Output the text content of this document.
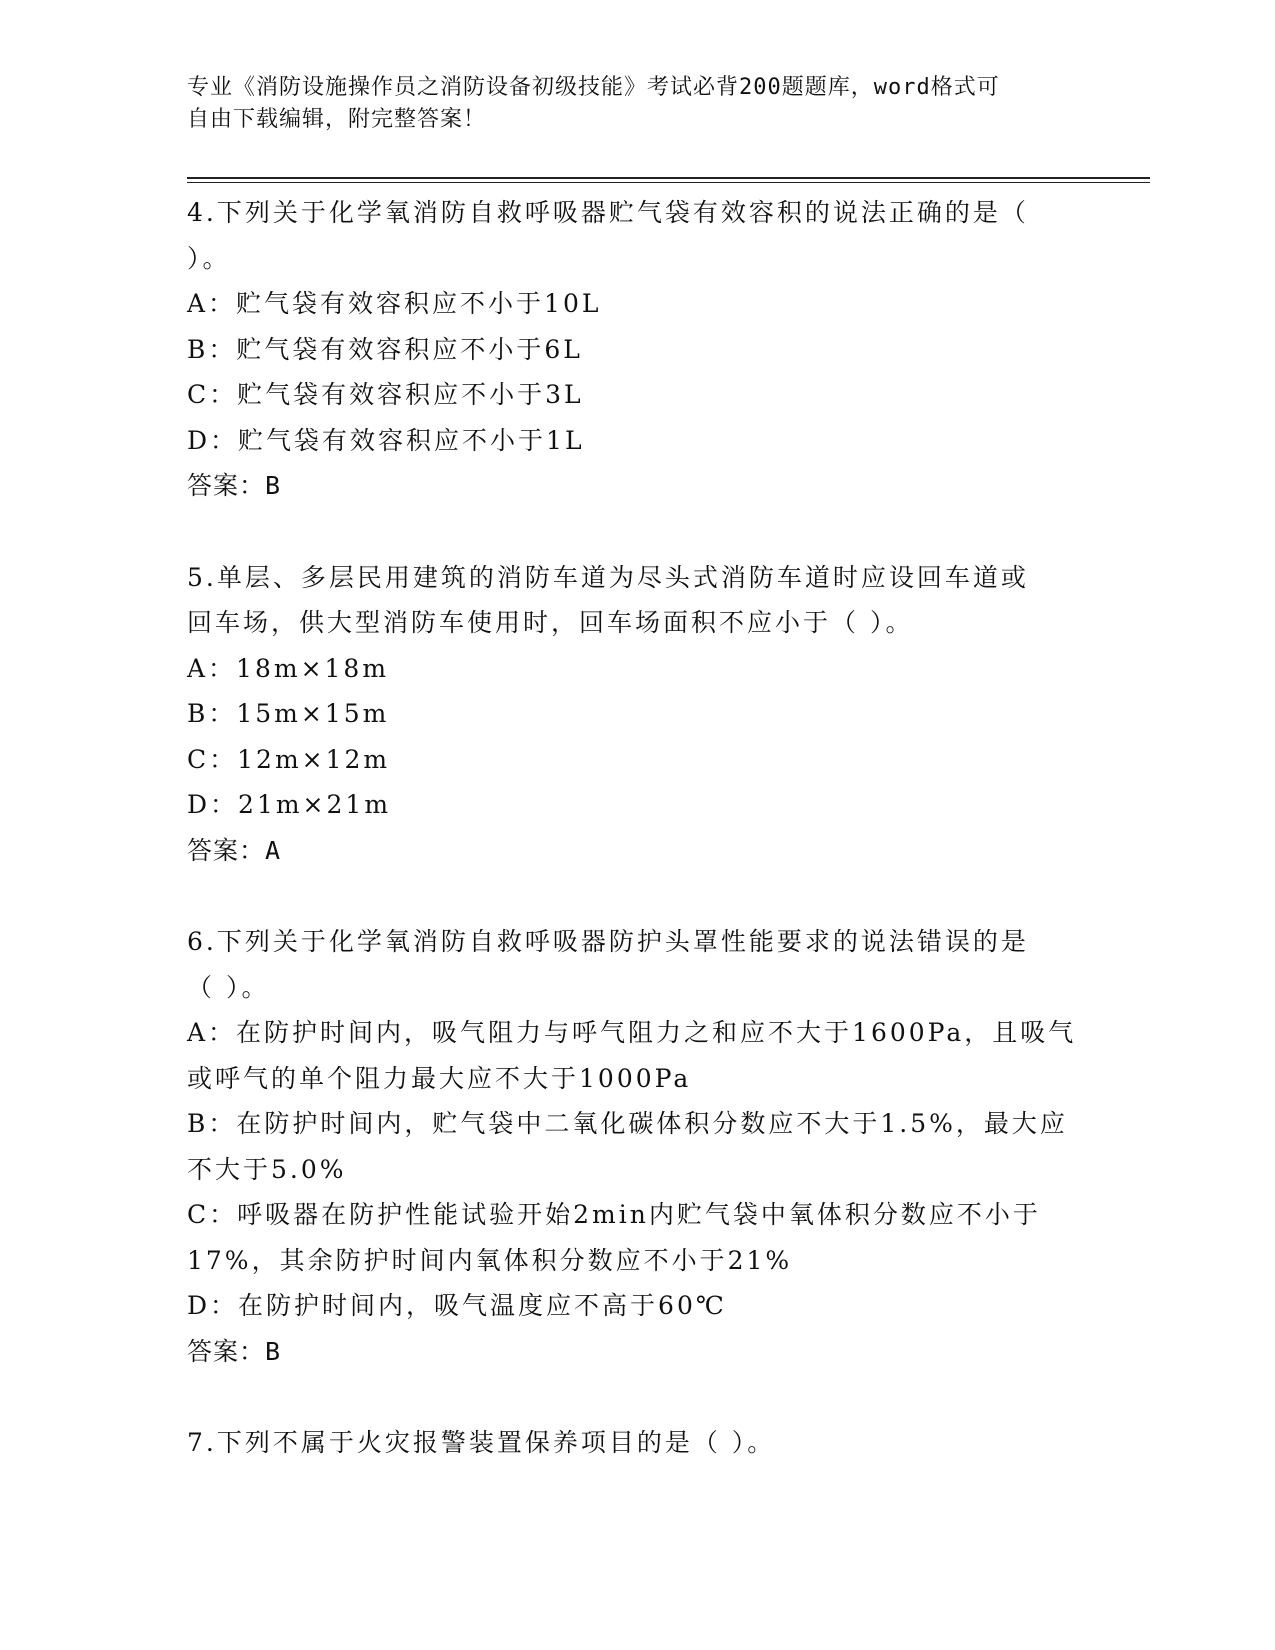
专业《消防设施操作员之消防设备初级技能》考试必背200题题库，word格式可
自由下载编辑，附完整答案！
4.下列关于化学氧消防自救呼吸器贮气袋有效容积的说法正确的是（
）。
A：贮气袋有效容积应不小于10L
B：贮气袋有效容积应不小于6L
C：贮气袋有效容积应不小于3L
D：贮气袋有效容积应不小于1L
答案：B
5.单层、多层民用建筑的消防车道为尽头式消防车道时应设回车道或
回车场，供大型消防车使用时，回车场面积不应小于（ ）。
A：18m×18m
B：15m×15m
C：12m×12m
D：21m×21m
答案：A
6.下列关于化学氧消防自救呼吸器防护头罩性能要求的说法错误的是
（ ）。
A：在防护时间内，吸气阻力与呼气阻力之和应不大于1600Pa，且吸气
或呼气的单个阻力最大应不大于1000Pa
B：在防护时间内，贮气袋中二氧化碳体积分数应不大于1.5%，最大应
不大于5.0%
C：呼吸器在防护性能试验开始2min内贮气袋中氧体积分数应不小于
17%，其余防护时间内氧体积分数应不小于21%
D：在防护时间内，吸气温度应不高于60℃
答案：B
7.下列不属于火灾报警装置保养项目的是（ ）。
